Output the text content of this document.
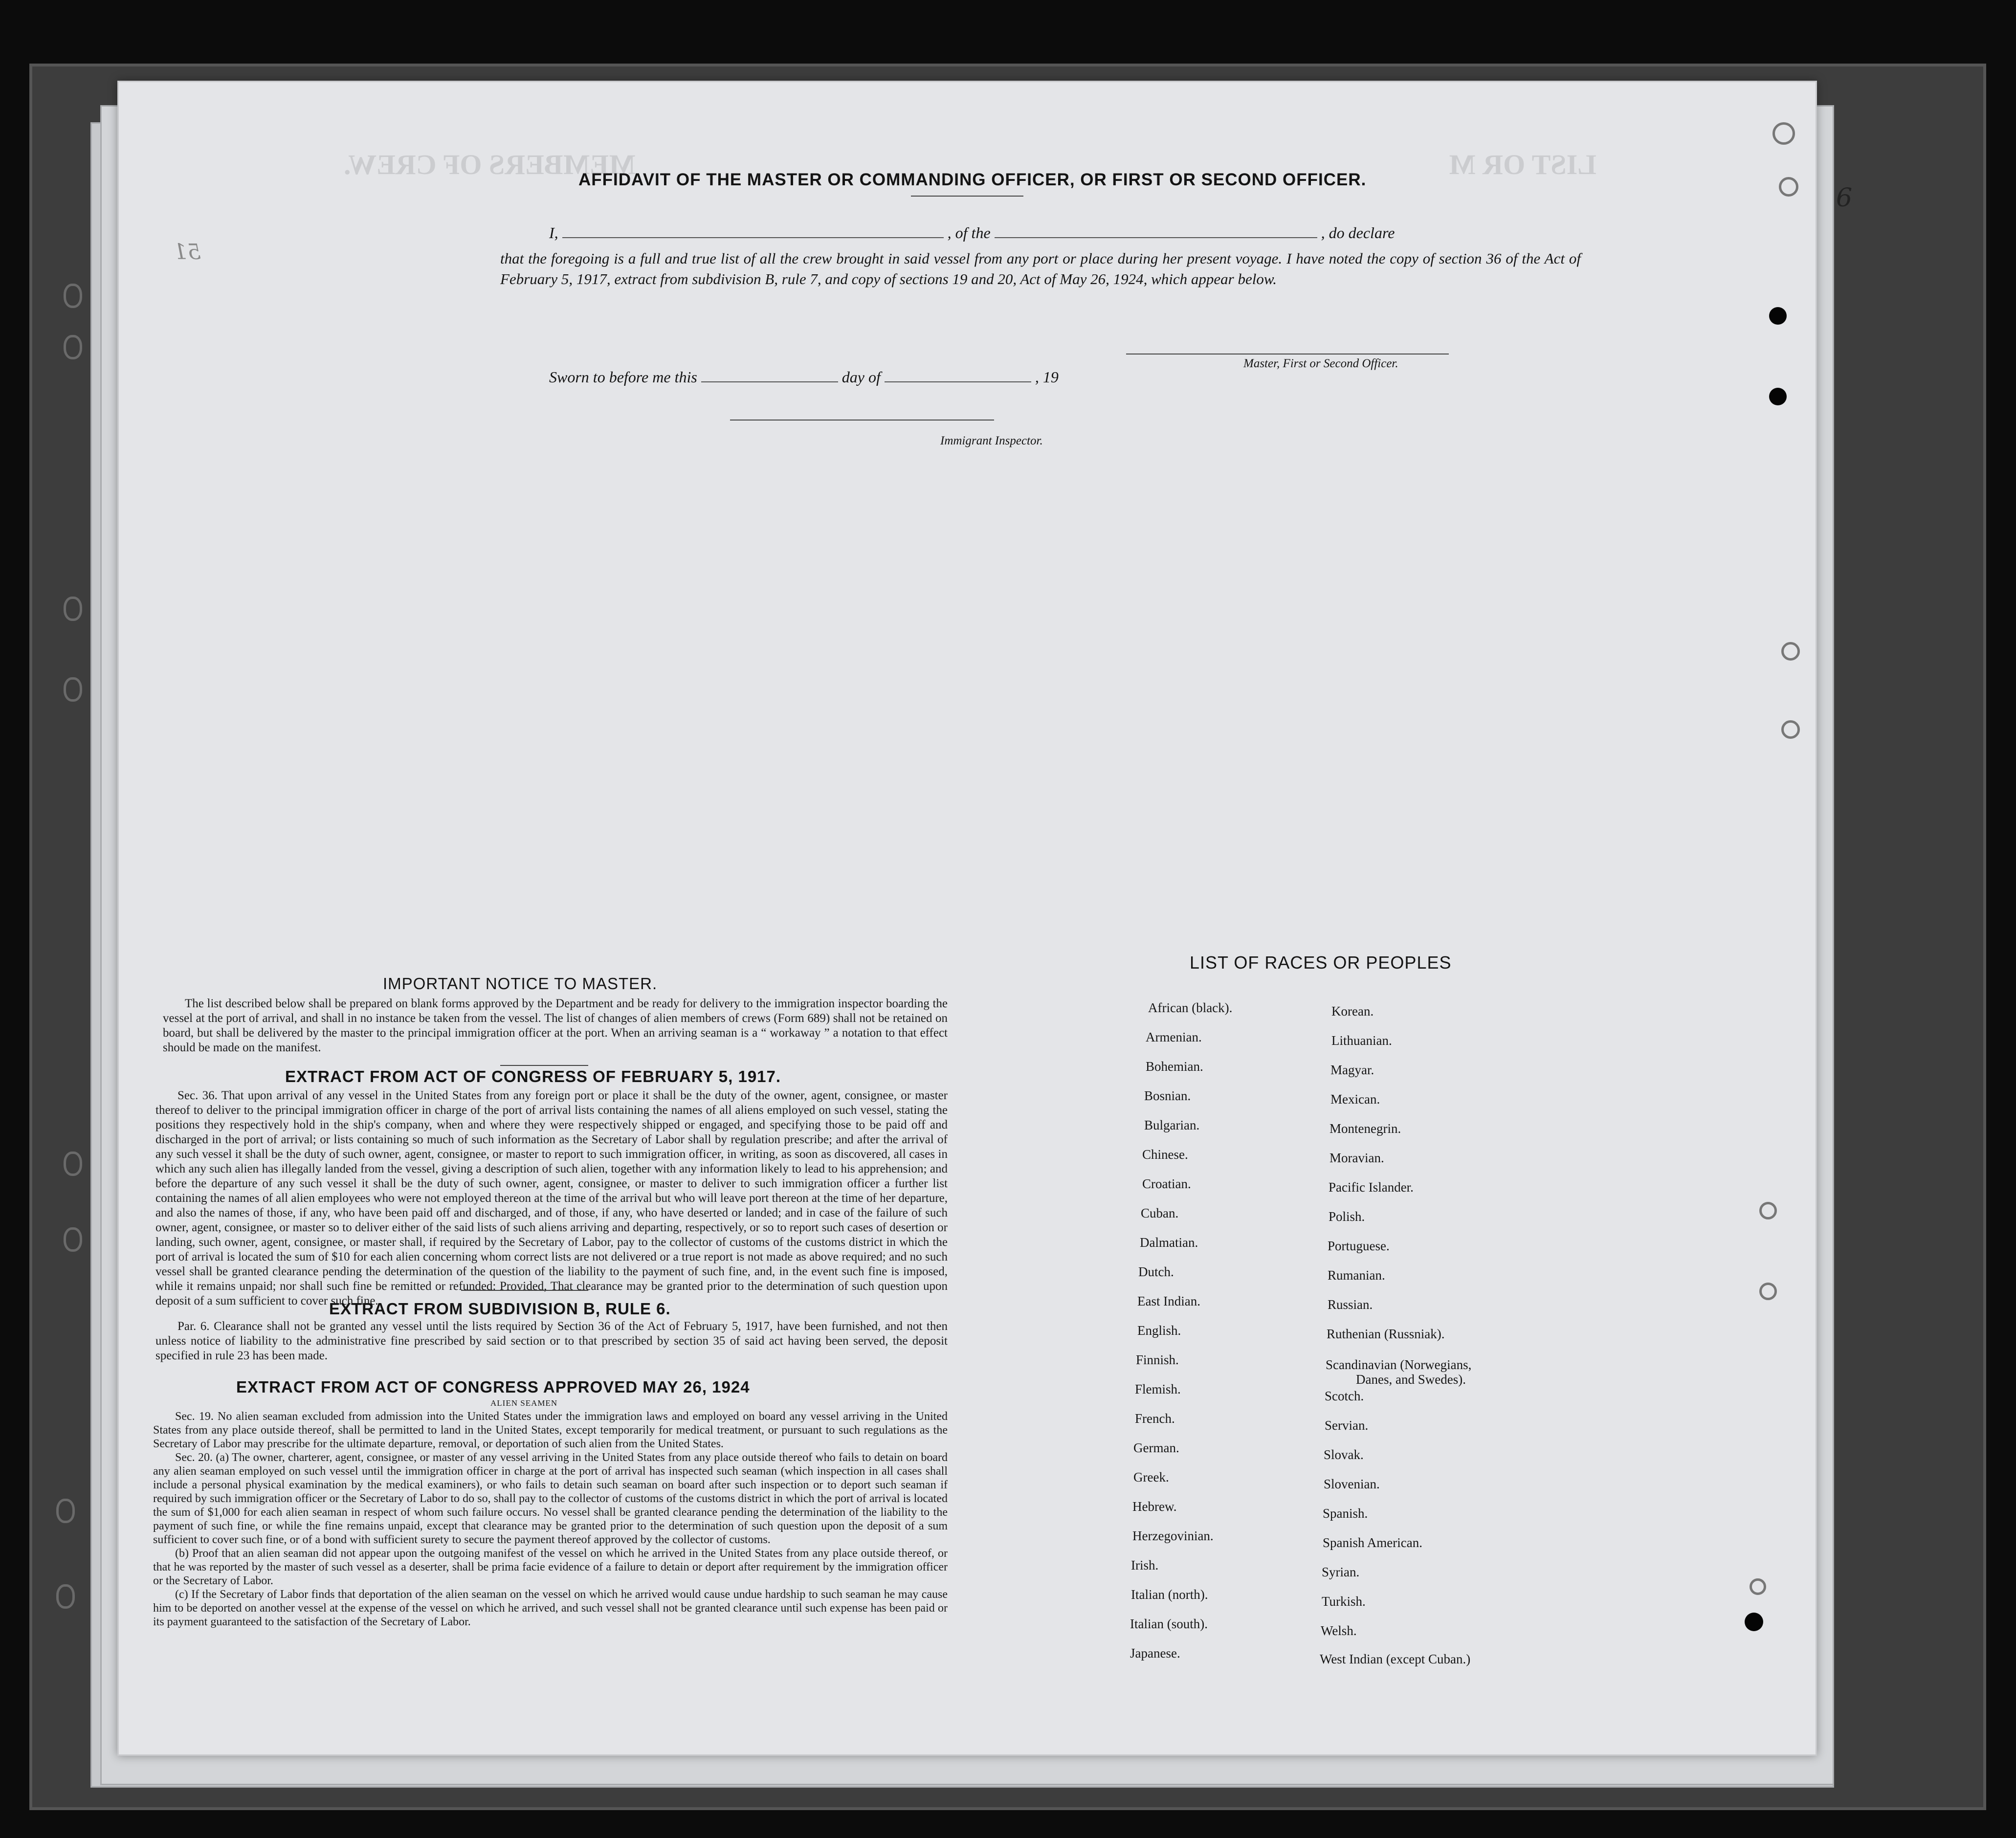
MEMBERS OF CREW.	LIST OR M
AFFIDAVIT OF THE MASTER OR COMMANDING OFFICER, OR FIRST OR SECOND OFFICER.
I,	, of the	, do declare
that the foregoing is a full and true list of all the crew brought in said vessel from any port or place during her present voyage. I have noted the copy of section 36 of the Act of February 5, 1917, extract from subdivision B, rule 7, and copy of sections 19 and 20, Act of May 26, 1924, which appear below.
Master, First or Second Officer.
Sworn to before me this	day of	, 19
Immigrant Inspector.
IMPORTANT NOTICE TO MASTER.

The list described below shall be prepared on blank forms approved by the Department and be ready for delivery to the immigration inspector boarding the vessel at the port of arrival, and shall in no instance be taken from the vessel. The list of changes of alien members of crews (Form 689) shall not be retained on board, but shall be delivered by the master to the principal immigration officer at the port. When an arriving seaman is a “ workaway ” a notation to that effect should be made on the manifest.

EXTRACT FROM ACT OF CONGRESS OF FEBRUARY 5, 1917.

Sec. 36. That upon arrival of any vessel in the United States from any foreign port or place it shall be the duty of the owner, agent, consignee, or master thereof to deliver to the principal immigration officer in charge of the port of arrival lists containing the names of all aliens employed on such vessel, stating the positions they respectively hold in the ship's company, when and where they were respectively shipped or engaged, and specifying those to be paid off and discharged in the port of arrival; or lists containing so much of such information as the Secretary of Labor shall by regulation prescribe; and after the arrival of any such vessel it shall be the duty of such owner, agent, consignee, or master to report to such immigration officer, in writing, as soon as discovered, all cases in which any such alien has illegally landed from the vessel, giving a description of such alien, together with any information likely to lead to his apprehension; and before the departure of any such vessel it shall be the duty of such owner, agent, consignee, or master to deliver to such immigration officer a further list containing the names of all alien employees who were not employed thereon at the time of the arrival but who will leave port thereon at the time of her departure, and also the names of those, if any, who have been paid off and discharged, and of those, if any, who have deserted or landed; and in case of the failure of such owner, agent, consignee, or master so to deliver either of the said lists of such aliens arriving and departing, respectively, or so to report such cases of desertion or landing, such owner, agent, consignee, or master shall, if required by the Secretary of Labor, pay to the collector of customs of the customs district in which the port of arrival is located the sum of $10 for each alien concerning whom correct lists are not delivered or a true report is not made as above required; and no such vessel shall be granted clearance pending the determination of the question of the liability to the payment of such fine, and, in the event such fine is imposed, while it remains unpaid; nor shall such fine be remitted or refunded: Provided, That clearance may be granted prior to the determination of such question upon deposit of a sum sufficient to cover such fine.

EXTRACT FROM SUBDIVISION B, RULE 6.

Par. 6. Clearance shall not be granted any vessel until the lists required by Section 36 of the Act of February 5, 1917, have been furnished, and not then unless notice of liability to the administrative fine prescribed by said section or to that prescribed by section 35 of said act having been served, the deposit specified in rule 23 has been made.

EXTRACT FROM ACT OF CONGRESS APPROVED MAY 26, 1924
ALIEN SEAMEN

Sec. 19. No alien seaman excluded from admission into the United States under the immigration laws and employed on board any vessel arriving in the United States from any place outside thereof, shall be permitted to land in the United States, except temporarily for medical treatment, or pursuant to such regulations as the Secretary of Labor may prescribe for the ultimate departure, removal, or deportation of such alien from the United States.

Sec. 20. (a) The owner, charterer, agent, consignee, or master of any vessel arriving in the United States from any place outside thereof who fails to detain on board any alien seaman employed on such vessel until the immigration officer in charge at the port of arrival has inspected such seaman (which inspection in all cases shall include a personal physical examination by the medical examiners), or who fails to detain such seaman on board after such inspection or to deport such seaman if required by such immigration officer or the Secretary of Labor to do so, shall pay to the collector of customs of the customs district in which the port of arrival is located the sum of $1,000 for each alien seaman in respect of whom such failure occurs. No vessel shall be granted clearance pending the determination of the liability to the payment of such fine, or while the fine remains unpaid, except that clearance may be granted prior to the determination of such question upon the deposit of a sum sufficient to cover such fine, or of a bond with sufficient surety to secure the payment thereof approved by the collector of customs.

(b) Proof that an alien seaman did not appear upon the outgoing manifest of the vessel on which he arrived in the United States from any place outside thereof, or that he was reported by the master of such vessel as a deserter, shall be prima facie evidence of a failure to detain or deport after requirement by the immigration officer or the Secretary of Labor.

(c) If the Secretary of Labor finds that deportation of the alien seaman on the vessel on which he arrived would cause undue hardship to such seaman he may cause him to be deported on another vessel at the expense of the vessel on which he arrived, and such vessel shall not be granted clearance until such expense has been paid or its payment guaranteed to the satisfaction of the Secretary of Labor.

LIST OF RACES OR PEOPLES
African (black).
Armenian.
Bohemian.
Bosnian.
Bulgarian.
Chinese.
Croatian.
Cuban.
Dalmatian.
Dutch.
East Indian.
English.
Finnish.
Flemish.
French.
German.
Greek.
Hebrew.
Herzegovinian.
Irish.
Italian (north).
Italian (south).
Japanese.
Korean.
Lithuanian.
Magyar.
Mexican.
Montenegrin.
Moravian.
Pacific Islander.
Polish.
Portuguese.
Rumanian.
Russian.
Ruthenian (Russniak).
Scandinavian (Norwegians,
Danes, and Swedes).
Scotch.
Servian.
Slovak.
Slovenian.
Spanish.
Spanish American.
Syrian.
Turkish.
Welsh.
West Indian (except Cuban.)
6
51
